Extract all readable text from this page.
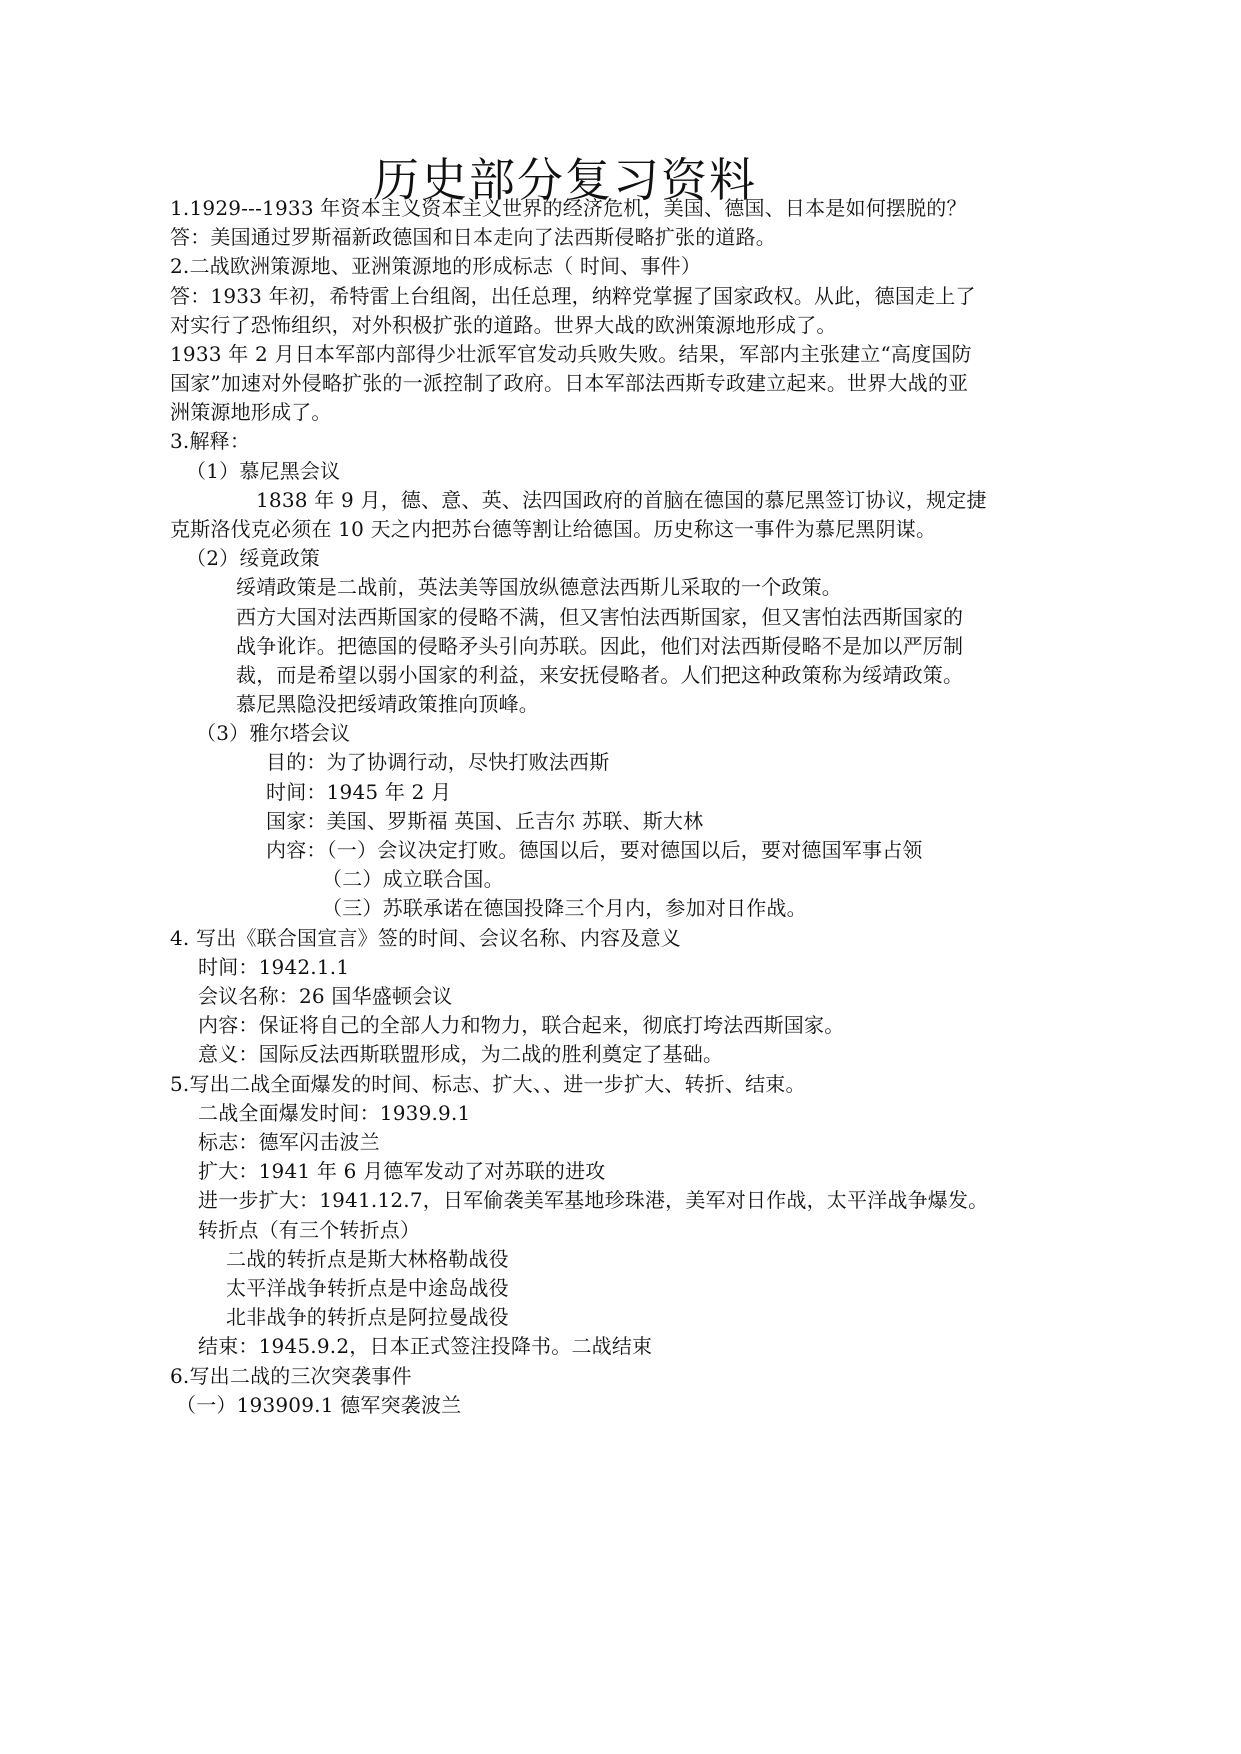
历史部分复习资料
1.1929---1933 年资本主义资本主义世界的经济危机，美国、德国、日本是如何摆脱的？
答：美国通过罗斯福新政德国和日本走向了法西斯侵略扩张的道路。
2.二战欧洲策源地、亚洲策源地的形成标志（ 时间、事件）
答：1933 年初，希特雷上台组阁，出任总理，纳粹党掌握了国家政权。从此，德国走上了
对实行了恐怖组织，对外积极扩张的道路。世界大战的欧洲策源地形成了。
1933 年 2 月日本军部内部得少壮派军官发动兵败失败。结果，军部内主张建立“高度国防
国家”加速对外侵略扩张的一派控制了政府。日本军部法西斯专政建立起来。世界大战的亚
洲策源地形成了。
3.解释：
（1）慕尼黑会议
1838 年 9 月，德、意、英、法四国政府的首脑在德国的慕尼黑签订协议，规定捷
克斯洛伐克必须在 10 天之内把苏台德等割让给德国。历史称这一事件为慕尼黑阴谋。
（2）绥竟政策
绥靖政策是二战前，英法美等国放纵德意法西斯儿采取的一个政策。
西方大国对法西斯国家的侵略不满，但又害怕法西斯国家，但又害怕法西斯国家的
战争讹诈。把德国的侵略矛头引向苏联。因此，他们对法西斯侵略不是加以严厉制
裁，而是希望以弱小国家的利益，来安抚侵略者。人们把这种政策称为绥靖政策。
慕尼黑隐没把绥靖政策推向顶峰。
（3）雅尔塔会议
目的：为了协调行动，尽快打败法西斯
时间：1945 年 2 月
国家：美国、罗斯福 英国、丘吉尔 苏联、斯大林
内容：（一）会议决定打败。德国以后，要对德国以后，要对德国军事占领
（二）成立联合国。
（三）苏联承诺在德国投降三个月内，参加对日作战。
4. 写出《联合国宣言》签的时间、会议名称、内容及意义
时间：1942.1.1
会议名称：26 国华盛顿会议
内容：保证将自己的全部人力和物力，联合起来，彻底打垮法西斯国家。
意义：国际反法西斯联盟形成，为二战的胜利奠定了基础。
5.写出二战全面爆发的时间、标志、扩大、、进一步扩大、转折、结束。
二战全面爆发时间：1939.9.1
标志：德军闪击波兰
扩大：1941 年 6 月德军发动了对苏联的进攻
进一步扩大：1941.12.7，日军偷袭美军基地珍珠港，美军对日作战，太平洋战争爆发。
转折点（有三个转折点）
二战的转折点是斯大林格勒战役
太平洋战争转折点是中途岛战役
北非战争的转折点是阿拉曼战役
结束：1945.9.2，日本正式签注投降书。二战结束
6.写出二战的三次突袭事件
（一）193909.1 德军突袭波兰
